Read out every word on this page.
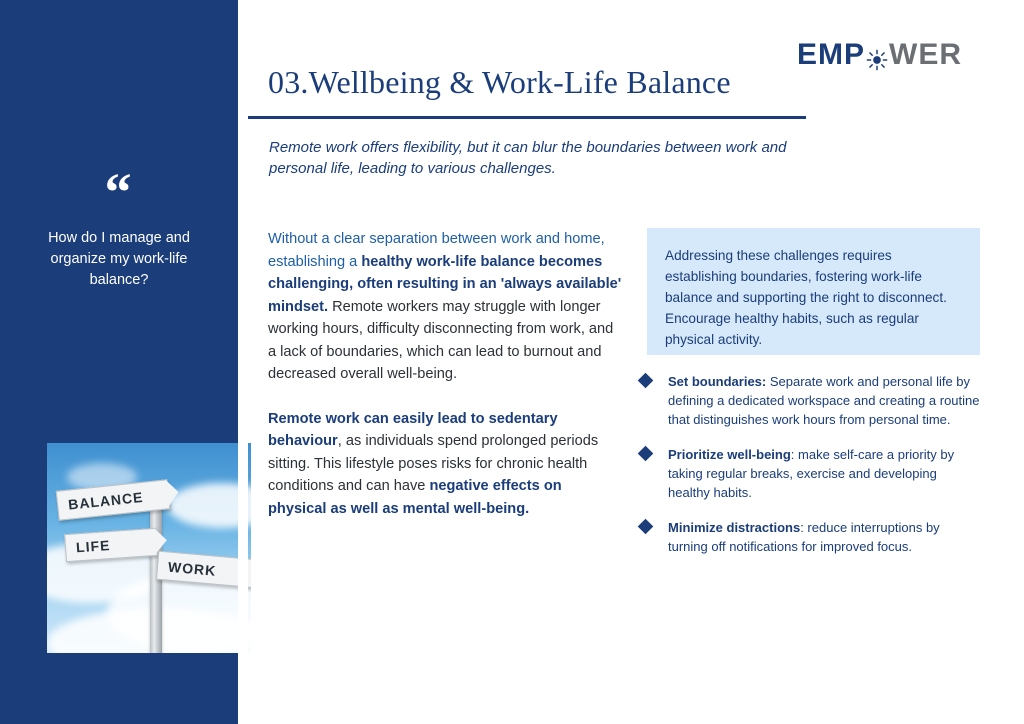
“
How do I manage and organize my work-life balance?
BALANCE
LIFE
WORK
EMP WER
03.Wellbeing & Work-Life Balance
Remote work offers flexibility, but it can blur the boundaries between work and personal life, leading to various challenges.

Without a clear separation between work and home, establishing a healthy work-life balance becomes challenging, often resulting in an 'always available' mindset. Remote workers may struggle with longer working hours, difficulty disconnecting from work, and a lack of boundaries, which can lead to burnout and decreased overall well-being.

Remote work can easily lead to sedentary behaviour, as individuals spend prolonged periods sitting. This lifestyle poses risks for chronic health conditions and can have negative effects on physical as well as mental well-being.

Addressing these challenges requires establishing boundaries, fostering work-life balance and supporting the right to disconnect. Encourage healthy habits, such as regular physical activity.

Set boundaries: Separate work and personal life by defining a dedicated workspace and creating a routine that distinguishes work hours from personal time.
Prioritize well-being: make self-care a priority by taking regular breaks, exercise and developing healthy habits.
Minimize distractions: reduce interruptions by turning off notifications for improved focus.
